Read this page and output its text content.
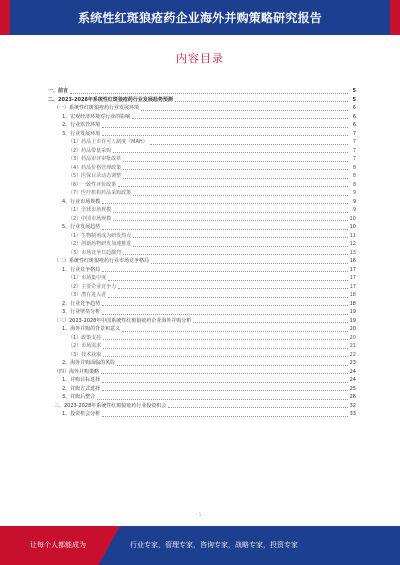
系统性红斑狼疮药企业海外并购策略研究报告
内容目录
一、前言	5
二、2023-2028年系统性红斑狼疮药行业发展趋势预测	5
（一）系统性红斑狼疮药行业发展环境	6
1、宏观经济环境对行业的影响	6
2、行业监管环境	6
3、行业发展环境	7
（1）药品上市许可人制度（MAH）	7
（2）药品带量采购	7
（3）药品审评审批改革	7
（4）药品价格管理政策	8
（5）医保目录动态调整	8
（6）一致性评价政策	8
（7）医疗机构药品采购政策	9
4、行业市场规模	9
（1）全球市场规模	9
（2）中国市场规模	10
5、行业发展趋势	10
（1）生物制剂成为研发热点	11
（2）创新药物研发加速推进	12
（3）市场竞争日趋激烈	13
（二）系统性红斑狼疮药行业市场竞争格局	16
1、行业竞争格局	17
（1）市场集中度	17
（2）主要企业竞争力	17
（3）潜在进入者	18
2、行业竞争趋势	18
3、行业壁垒分析	19
（三）2023-2028年中国系统性红斑狼疮药企业海外并购分析	19
1、海外并购的背景和意义	20
（1）政策支持	20
（2）市场需求	21
（3）技术获取	22
2、海外并购面临的风险	23
（四）海外并购策略	24
1、并购目标选择	24
2、并购方式选择	25
3、并购后整合	26
三、2023-2028年系统性红斑狼疮药行业投资机会	32
1、投资机会分析	33
- 1 -
让每个人都能成为	行业专家，管理专家，咨询专家，战略专家，投资专家
